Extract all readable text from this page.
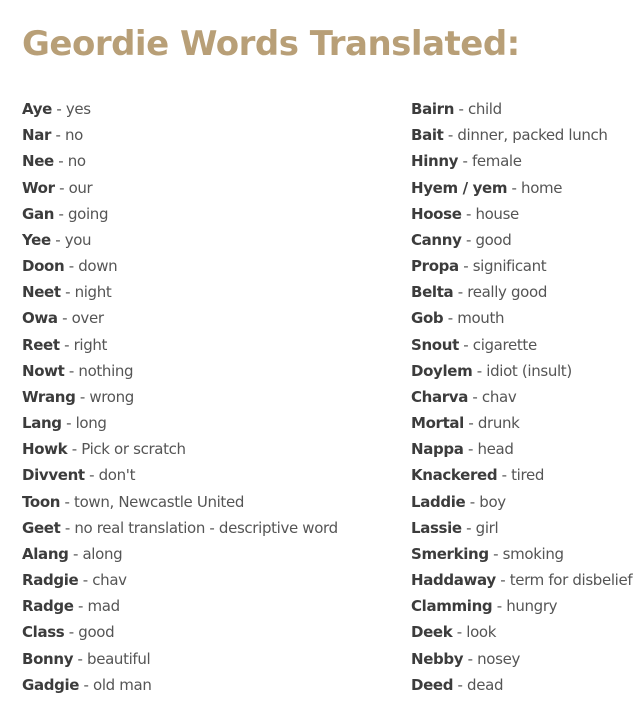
Geordie Words Translated:
Aye - yes
Nar - no
Nee - no
Wor - our
Gan - going
Yee - you
Doon - down
Neet - night
Owa - over
Reet - right
Nowt - nothing
Wrang - wrong
Lang - long
Howk - Pick or scratch
Divvent - don't
Toon - town, Newcastle United
Geet - no real translation - descriptive word
Alang - along
Radgie - chav
Radge - mad
Class - good
Bonny - beautiful
Gadgie - old man
Bairn - child
Bait - dinner, packed lunch
Hinny - female
Hyem / yem - home
Hoose - house
Canny - good
Propa - significant
Belta - really good
Gob - mouth
Snout - cigarette
Doylem - idiot (insult)
Charva - chav
Mortal - drunk
Nappa - head
Knackered - tired
Laddie - boy
Lassie - girl
Smerking - smoking
Haddaway - term for disbelief
Clamming - hungry
Deek - look
Nebby - nosey
Deed - dead
